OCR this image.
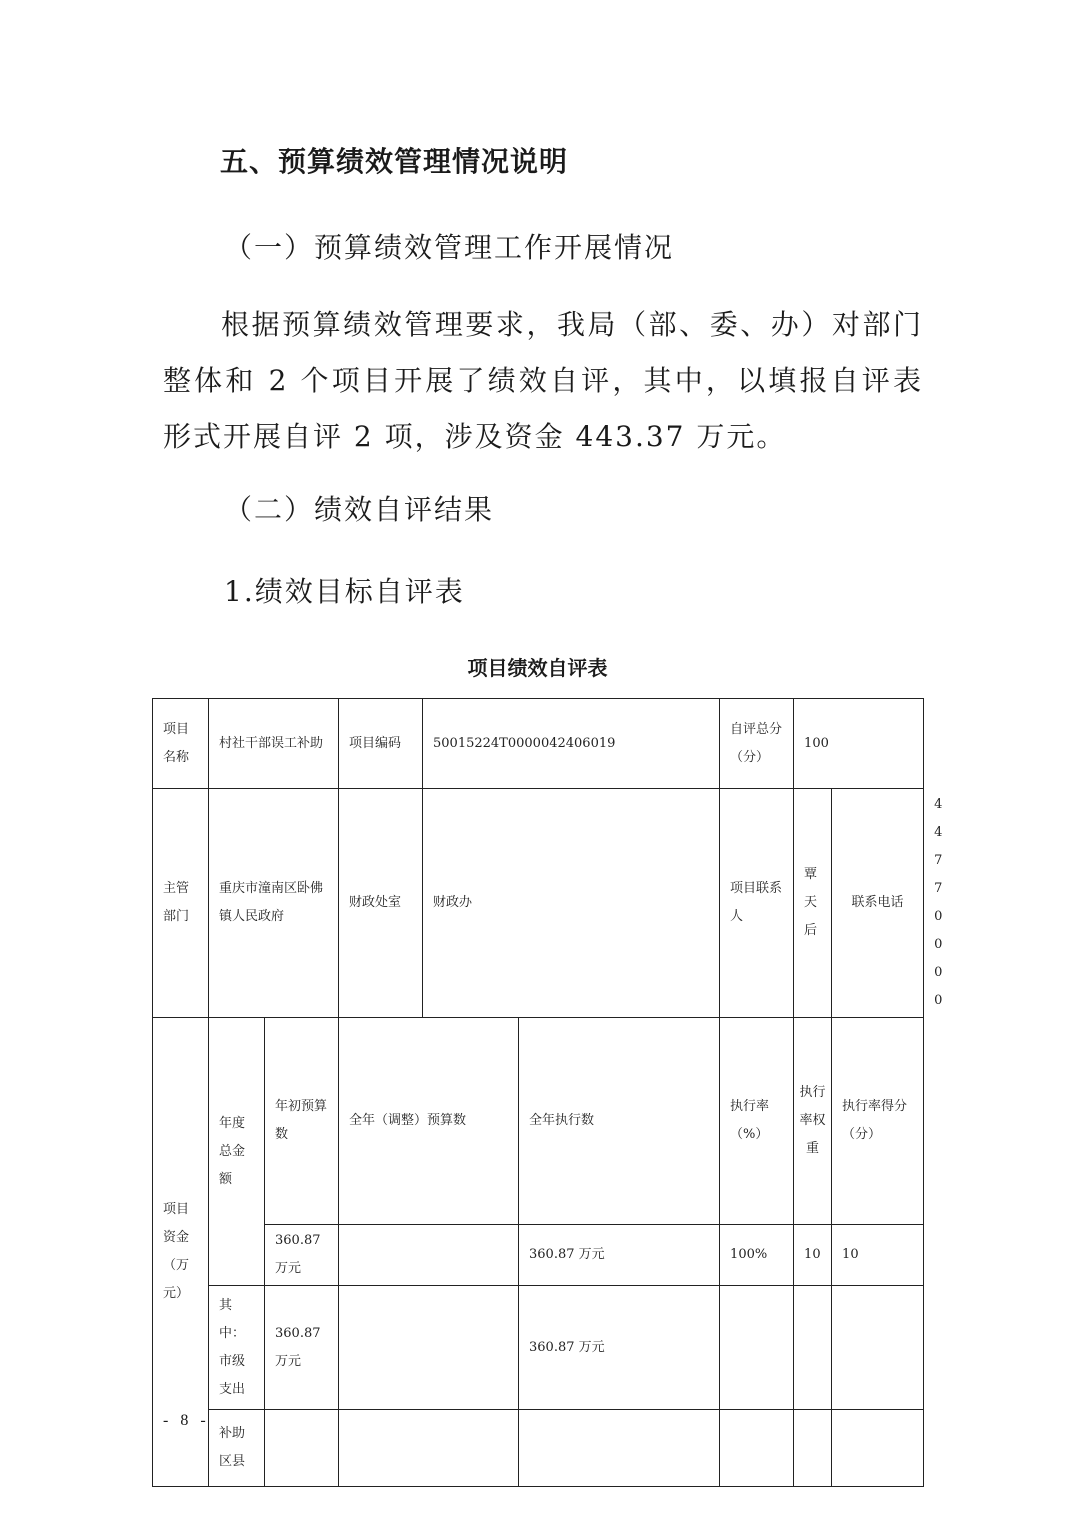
五、预算绩效管理情况说明
（一）预算绩效管理工作开展情况
根据预算绩效管理要求，我局（部、委、办）对部门整体和 2 个项目开展了绩效自评，其中，以填报自评表形式开展自评 2 项，涉及资金 443.37 万元。
（二）绩效自评结果
1.绩效目标自评表
项目绩效自评表
项目名称	村社干部误工补助		项目编码	50015224T0000042406019		自评总分（分）	100		
主管部门	重庆市潼南区卧佛镇人民政府		财政处室	财政办		项目联系人	覃天后	联系电话	44770000
项目资金（万元）	年度总金额	年初预算数	全年（调整）预算数		全年执行数	执行率（%）	执行率权重	执行率得分（分）	
		360.87万元			360.87 万元	100%	10	10	
	其中：市级支出	360.87万元			360.87 万元				
	补助区县								
- 8 -
